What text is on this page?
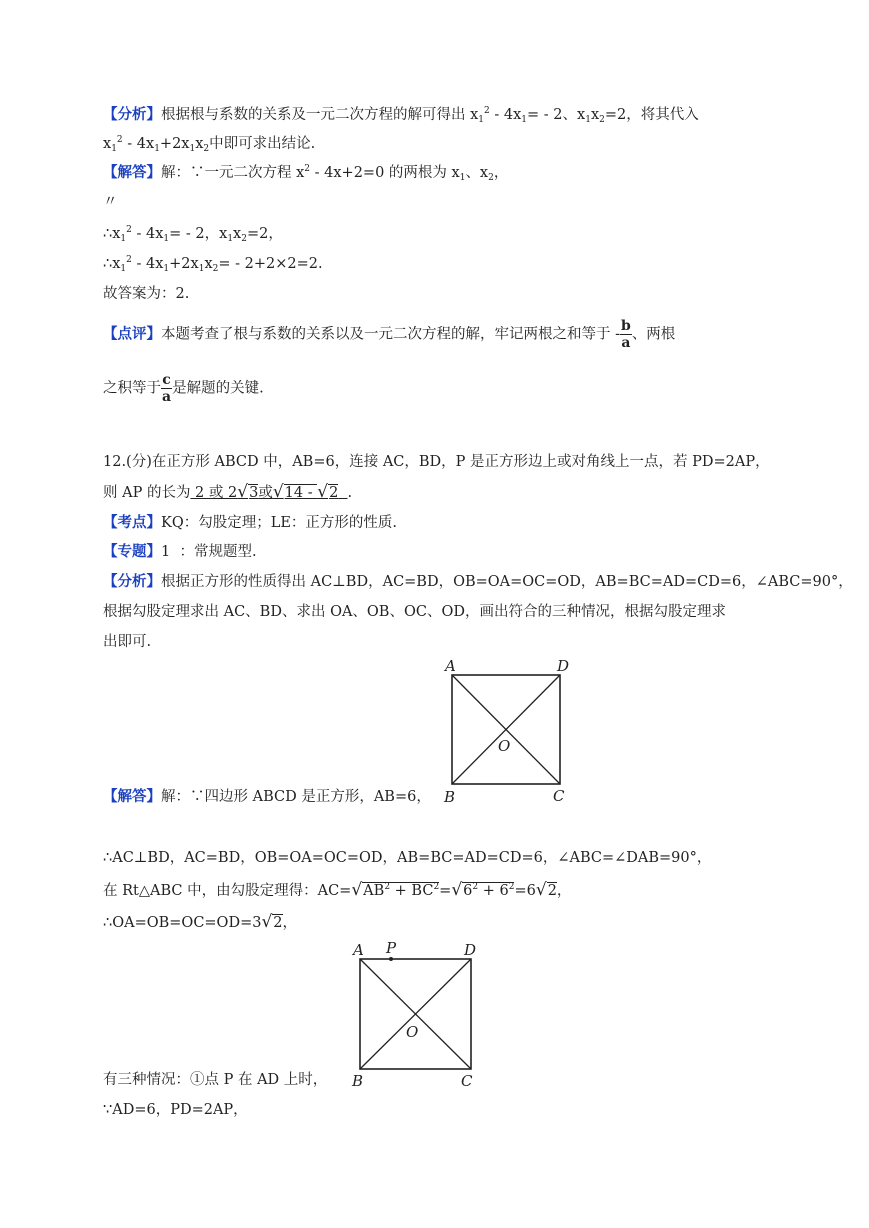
【分析】根据根与系数的关系及一元二次方程的解可得出 $x_1^2 - 4x_1= - 2$、$x_1x_2=2$，将其代入
$x_1^2 - 4x_1+2x_1x_2$中即可求出结论.
【解答】解：∵一元二次方程 $x^2 - 4x+2=0$ 的两根为 $x_1$、$x_2$，
〃
$\therefore x_1^2 - 4x_1= - 2$，$x_1x_2=2$，
$\therefore x_1^2 - 4x_1+2x_1x_2= - 2+2\times 2=2$.
故答案为：2.
【点评】本题考查了根与系数的关系以及一元二次方程的解，牢记两根之和等于 - $\frac{b}{a}$ 、两根
之积等于 $\frac{c}{a}$ 是解题的关键.
12.(分)在正方形 ABCD 中，AB=6，连接 AC，BD，P 是正方形边上或对角线上一点，若 PD=2AP，
则 AP 的长为 2 或 2√3或√14 - √2 .
【考点】KQ：勾股定理；LE：正方形的性质.
【专题】1  ：常规题型.
【分析】根据正方形的性质得出 AC⊥BD，AC=BD，OB=OA=OC=OD，AB=BC=AD=CD=6，∠ABC=90°，
根据勾股定理求出 AC、BD、求出 OA、OB、OC、OD，画出符合的三种情况，根据勾股定理求
出即可.
A	D
O
B	C
【解答】解：∵四边形 ABCD 是正方形，AB=6，
∴AC⊥BD，AC=BD，OB=OA=OC=OD，AB=BC=AD=CD=6，∠ABC=∠DAB=90°，
在 Rt△ABC 中，由勾股定理得：$AC=√AB^2 + BC^2=√6^2 + 6^2=6√2$，
∴OA=OB=OC=OD=3√2，
A P	D
O
B	C
有三种情况：①点 P 在 AD 上时，
∵AD=6，PD=2AP，
